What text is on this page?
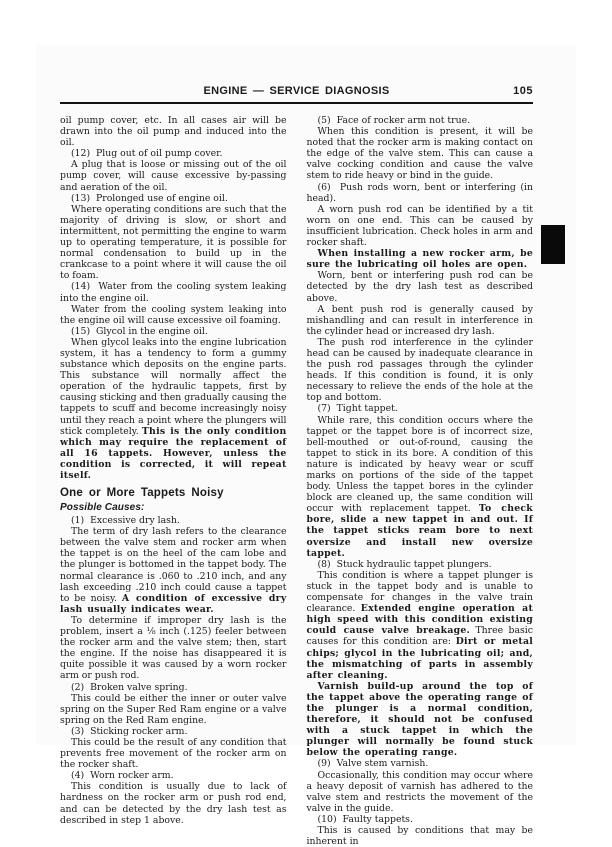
ENGINE — SERVICE DIAGNOSIS	105

oil pump cover, etc. In all cases air will be drawn into the oil pump and induced into the oil.

(12)  Plug out of oil pump cover.

A plug that is loose or missing out of the oil pump cover, will cause excessive by-passing and aeration of the oil.

(13)  Prolonged use of engine oil.

Where operating conditions are such that the majority of driving is slow, or short and intermittent, not permitting the engine to warm up to operating temperature, it is possible for normal condensation to build up in the crankcase to a point where it will cause the oil to foam.

(14)  Water from the cooling system leaking into the engine oil.

Water from the cooling system leaking into the engine oil will cause excessive oil foaming.

(15)  Glycol in the engine oil.

When glycol leaks into the engine lubrication system, it has a tendency to form a gummy substance which deposits on the engine parts. This substance will normally affect the operation of the hydraulic tappets, first by causing sticking and then gradually causing the tappets to scuff and become increasingly noisy until they reach a point where the plungers will stick completely. This is the only condition which may require the replacement of all 16 tappets. However, unless the condition is corrected, it will repeat itself.

One or More Tappets Noisy
Possible Causes:

(1)  Excessive dry lash.

The term of dry lash refers to the clearance between the valve stem and rocker arm when the tappet is on the heel of the cam lobe and the plunger is bottomed in the tappet body. The normal clearance is .060 to .210 inch, and any lash exceeding .210 inch could cause a tappet to be noisy. A condition of excessive dry lash usually indicates wear.

To determine if improper dry lash is the problem, insert a ⅛ inch (.125) feeler between the rocker arm and the valve stem; then, start the engine. If the noise has disappeared it is quite possible it was caused by a worn rocker arm or push rod.

(2)  Broken valve spring.

This could be either the inner or outer valve spring on the Super Red Ram engine or a valve spring on the Red Ram engine.

(3)  Sticking rocker arm.

This could be the result of any condition that prevents free movement of the rocker arm on the rocker shaft.

(4)  Worn rocker arm.

This condition is usually due to lack of hardness on the rocker arm or push rod end, and can be detected by the dry lash test as described in step 1 above.

(5)  Face of rocker arm not true.

When this condition is present, it will be noted that the rocker arm is making contact on the edge of the valve stem. This can cause a valve cocking condition and cause the valve stem to ride heavy or bind in the guide.

(6)  Push rods worn, bent or interfering (in head).

A worn push rod can be identified by a tit worn on one end. This can be caused by insufficient lubrication. Check holes in arm and rocker shaft.

When installing a new rocker arm, be sure the lubricating oil holes are open.

Worn, bent or interfering push rod can be detected by the dry lash test as described above.

A bent push rod is generally caused by mishandling and can result in interference in the cylinder head or increased dry lash.

The push rod interference in the cylinder head can be caused by inadequate clearance in the push rod passages through the cylinder heads. If this condition is found, it is only necessary to relieve the ends of the hole at the top and bottom.

(7)  Tight tappet.

While rare, this condition occurs where the tappet or the tappet bore is of incorrect size, bell-mouthed or out-of-round, causing the tappet to stick in its bore. A condition of this nature is indicated by heavy wear or scuff marks on portions of the side of the tappet body. Unless the tappet bores in the cylinder block are cleaned up, the same condition will occur with replacement tappet. To check bore, slide a new tappet in and out. If the tappet sticks ream bore to next oversize and install new oversize tappet.

(8)  Stuck hydraulic tappet plungers.

This condition is where a tappet plunger is stuck in the tappet body and is unable to compensate for changes in the valve train clearance. Extended engine operation at high speed with this condition existing could cause valve breakage. Three basic causes for this condition are: Dirt or metal chips; glycol in the lubricating oil; and, the mismatching of parts in assembly after cleaning.

Varnish build-up around the top of the tappet above the operating range of the plunger is a normal condition, therefore, it should not be confused with a stuck tappet in which the plunger will normally be found stuck below the operating range.

(9)  Valve stem varnish.

Occasionally, this condition may occur where a heavy deposit of varnish has adhered to the valve stem and restricts the movement of the valve in the guide.

(10)  Faulty tappets.

This is caused by conditions that may be inherent in
